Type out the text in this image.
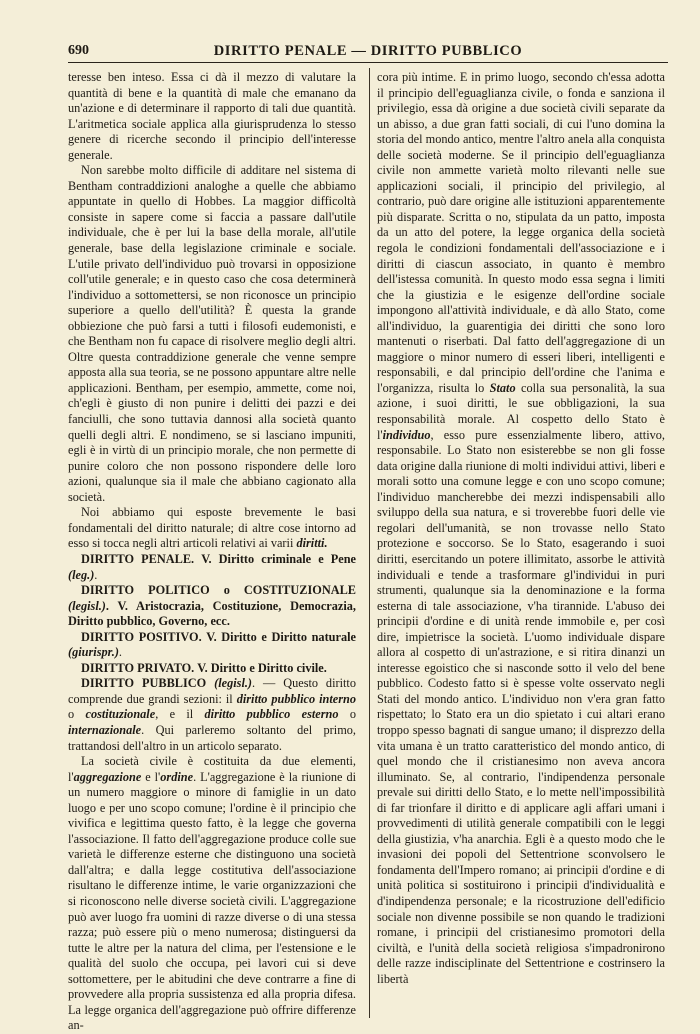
690	DIRITTO PENALE — DIRITTO PUBBLICO

teresse ben inteso. Essa ci dà il mezzo di valutare la quantità di bene e la quantità di male che emanano da un'azione e di determinare il rapporto di tali due quantità. L'aritmetica sociale applica alla giurisprudenza lo stesso genere di ricerche secondo il principio dell'interesse generale.

Non sarebbe molto difficile di additare nel sistema di Bentham contraddizioni analoghe a quelle che abbiamo appuntate in quello di Hobbes. La maggior difficoltà consiste in sapere come si faccia a passare dall'utile individuale, che è per lui la base della morale, all'utile generale, base della legislazione criminale e sociale. L'utile privato dell'individuo può trovarsi in opposizione coll'utile generale; e in questo caso che cosa determinerà l'individuo a sottomettersi, se non riconosce un principio superiore a quello dell'utilità? È questa la grande obbiezione che può farsi a tutti i filosofi eudemonisti, e che Bentham non fu capace di risolvere meglio degli altri. Oltre questa contraddizione generale che venne sempre apposta alla sua teoria, se ne possono appuntare altre nelle applicazioni. Bentham, per esempio, ammette, come noi, ch'egli è giusto di non punire i delitti dei pazzi e dei fanciulli, che sono tuttavia dannosi alla società quanto quelli degli altri. E nondimeno, se si lasciano impuniti, egli è in virtù di un principio morale, che non permette di punire coloro che non possono rispondere delle loro azioni, qualunque sia il male che abbiano cagionato alla società.

Noi abbiamo qui esposte brevemente le basi fondamentali del diritto naturale; di altre cose intorno ad esso si tocca negli altri articoli relativi ai varii diritti.

DIRITTO PENALE. V. Diritto criminale e Pene (leg.).

DIRITTO POLITICO o COSTITUZIONALE (legisl.). V. Aristocrazia, Costituzione, Democrazia, Diritto pubblico, Governo, ecc.

DIRITTO POSITIVO. V. Diritto e Diritto naturale (giurispr.).

DIRITTO PRIVATO. V. Diritto e Diritto civile.

DIRITTO PUBBLICO (legisl.). — Questo diritto comprende due grandi sezioni: il diritto pubblico interno o costituzionale, e il diritto pubblico esterno o internazionale. Qui parleremo soltanto del primo, trattandosi dell'altro in un articolo separato.

La società civile è costituita da due elementi, l'aggregazione e l'ordine. L'aggregazione è la riunione di un numero maggiore o minore di famiglie in un dato luogo e per uno scopo comune; l'ordine è il principio che vivifica e legittima questo fatto, è la legge che governa l'associazione. Il fatto dell'aggregazione produce colle sue varietà le differenze esterne che distinguono una società dall'altra; e dalla legge costitutiva dell'associazione risultano le differenze intime, le varie organizzazioni che si riconoscono nelle diverse società civili. L'aggregazione può aver luogo fra uomini di razze diverse o di una stessa razza; può essere più o meno numerosa; distinguersi da tutte le altre per la natura del clima, per l'estensione e le qualità del suolo che occupa, pei lavori cui si deve sottomettere, per le abitudini che deve contrarre a fine di provvedere alla propria sussistenza ed alla propria difesa. La legge organica dell'aggregazione può offrire differenze an-

cora più intime. E in primo luogo, secondo ch'essa adotta il principio dell'eguaglianza civile, o fonda e sanziona il privilegio, essa dà origine a due società civili separate da un abisso, a due gran fatti sociali, di cui l'uno domina la storia del mondo antico, mentre l'altro anela alla conquista delle società moderne. Se il principio dell'eguaglianza civile non ammette varietà molto rilevanti nelle sue applicazioni sociali, il principio del privilegio, al contrario, può dare origine alle istituzioni apparentemente più disparate. Scritta o no, stipulata da un patto, imposta da un atto del potere, la legge organica della società regola le condizioni fondamentali dell'associazione e i diritti di ciascun associato, in quanto è membro dell'istessa comunità. In questo modo essa segna i limiti che la giustizia e le esigenze dell'ordine sociale impongono all'attività individuale, e dà allo Stato, come all'individuo, la guarentigia dei diritti che sono loro mantenuti o riserbati. Dal fatto dell'aggregazione di un maggiore o minor numero di esseri liberi, intelligenti e responsabili, e dal principio dell'ordine che l'anima e l'organizza, risulta lo Stato colla sua personalità, la sua azione, i suoi diritti, le sue obbligazioni, la sua responsabilità morale. Al cospetto dello Stato è l'individuo, esso pure essenzialmente libero, attivo, responsabile. Lo Stato non esisterebbe se non gli fosse data origine dalla riunione di molti individui attivi, liberi e morali sotto una comune legge e con uno scopo comune; l'individuo mancherebbe dei mezzi indispensabili allo sviluppo della sua natura, e si troverebbe fuori delle vie regolari dell'umanità, se non trovasse nello Stato protezione e soccorso. Se lo Stato, esagerando i suoi diritti, esercitando un potere illimitato, assorbe le attività individuali e tende a trasformare gl'individui in puri strumenti, qualunque sia la denominazione e la forma esterna di tale associazione, v'ha tirannide. L'abuso dei principii d'ordine e di unità rende immobile e, per così dire, impietrisce la società. L'uomo individuale dispare allora al cospetto di un'astrazione, e si ritira dinanzi un interesse egoistico che si nasconde sotto il velo del bene pubblico. Codesto fatto si è spesse volte osservato negli Stati del mondo antico. L'individuo non v'era gran fatto rispettato; lo Stato era un dio spietato i cui altari erano troppo spesso bagnati di sangue umano; il disprezzo della vita umana è un tratto caratteristico del mondo antico, di quel mondo che il cristianesimo non aveva ancora illuminato. Se, al contrario, l'indipendenza personale prevale sui diritti dello Stato, e lo mette nell'impossibilità di far trionfare il diritto e di applicare agli affari umani i provvedimenti di utilità generale compatibili con le leggi della giustizia, v'ha anarchia. Egli è a questo modo che le invasioni dei popoli del Settentrione sconvolsero le fondamenta dell'Impero romano; ai principii d'ordine e di unità politica si sostituirono i principii d'individualità e d'indipendenza personale; e la ricostruzione dell'edificio sociale non divenne possibile se non quando le tradizioni romane, i principii del cristianesimo promotori della civiltà, e l'unità della società religiosa s'impadronirono delle razze indisciplinate del Settentrione e costrinsero la libertà
